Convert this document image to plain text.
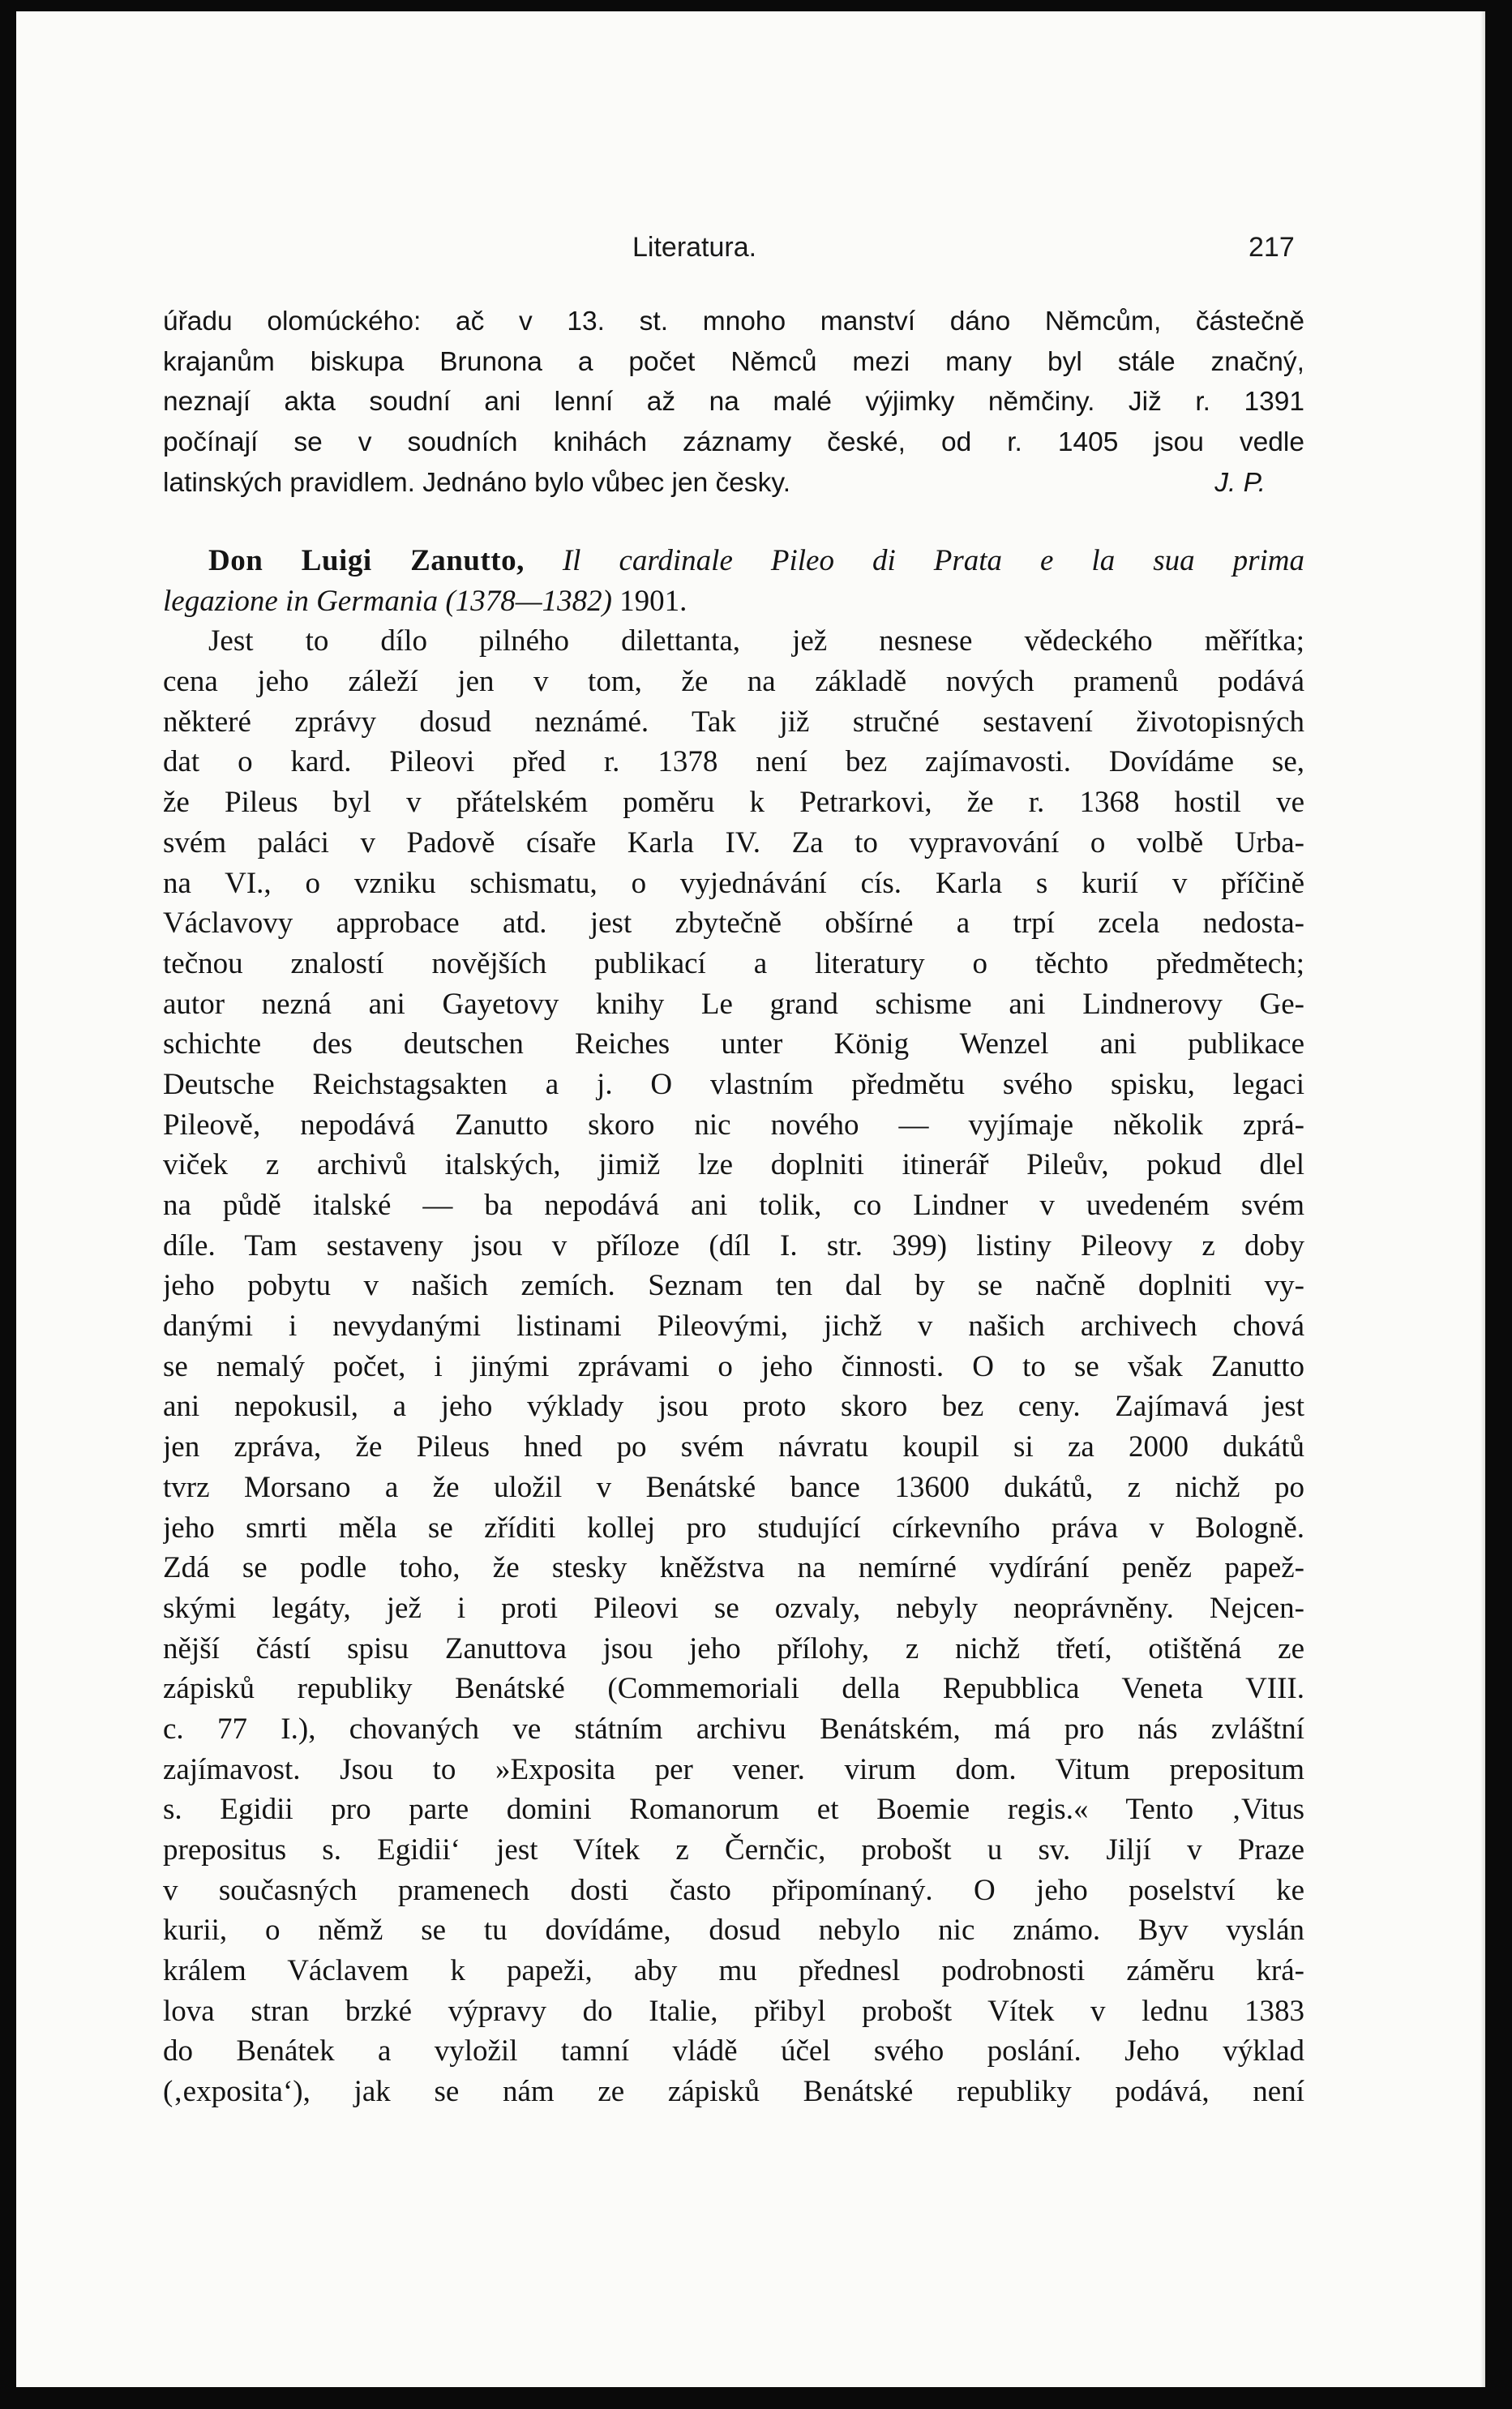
Literatura.	217
úřadu olomúckého: ač v 13. st. mnoho manství dáno Němcům, částečně
krajanům biskupa Brunona a počet Němců mezi many byl stále značný,
neznají akta soudní ani lenní až na malé výjimky němčiny. Již r. 1391
počínají se v soudních knihách záznamy české, od r. 1405 jsou vedle
latinských pravidlem. Jednáno bylo vůbec jen česky.	J. P.
Don Luigi Zanutto, Il cardinale Pileo di Prata e la sua prima
legazione in Germania (1378—1382) 1901.
Jest to dílo pilného dilettanta, jež nesnese vědeckého měřítka;
cena jeho záleží jen v tom, že na základě nových pramenů podává
některé zprávy dosud neznámé. Tak již stručné sestavení životopisných
dat o kard. Pileovi před r. 1378 není bez zajímavosti. Dovídáme se,
že Pileus byl v přátelském poměru k Petrarkovi, že r. 1368 hostil ve
svém paláci v Padově císaře Karla IV. Za to vypravování o volbě Urba-
na VI., o vzniku schismatu, o vyjednávání cís. Karla s kurií v příčině
Václavovy approbace atd. jest zbytečně obšírné a trpí zcela nedosta-
tečnou znalostí novějších publikací a literatury o těchto předmětech;
autor nezná ani Gayetovy knihy Le grand schisme ani Lindnerovy Ge-
schichte des deutschen Reiches unter König Wenzel ani publikace
Deutsche Reichstagsakten a j. O vlastním předmětu svého spisku, legaci
Pileově, nepodává Zanutto skoro nic nového — vyjímaje několik zprá-
viček z archivů italských, jimiž lze doplniti itinerář Pileův, pokud dlel
na půdě italské — ba nepodává ani tolik, co Lindner v uvedeném svém
díle. Tam sestaveny jsou v příloze (díl I. str. 399) listiny Pileovy z doby
jeho pobytu v našich zemích. Seznam ten dal by se načně doplniti vy-
danými i nevydanými listinami Pileovými, jichž v našich archivech chová
se nemalý počet, i jinými zprávami o jeho činnosti. O to se však Zanutto
ani nepokusil, a jeho výklady jsou proto skoro bez ceny. Zajímavá jest
jen zpráva, že Pileus hned po svém návratu koupil si za 2000 dukátů
tvrz Morsano a že uložil v Benátské bance 13600 dukátů, z nichž po
jeho smrti měla se zříditi kollej pro studující církevního práva v Bologně.
Zdá se podle toho, že stesky kněžstva na nemírné vydírání peněz papež-
skými legáty, jež i proti Pileovi se ozvaly, nebyly neoprávněny. Nejcen-
nější částí spisu Zanuttova jsou jeho přílohy, z nichž třetí, otištěná ze
zápisků republiky Benátské (Commemoriali della Repubblica Veneta VIII.
c. 77 I.), chovaných ve státním archivu Benátském, má pro nás zvláštní
zajímavost. Jsou to »Exposita per vener. virum dom. Vitum prepositum
s. Egidii pro parte domini Romanorum et Boemie regis.« Tento ‚Vitus
prepositus s. Egidii‘ jest Vítek z Černčic, probošt u sv. Jiljí v Praze
v současných pramenech dosti často připomínaný. O jeho poselství ke
kurii, o němž se tu dovídáme, dosud nebylo nic známo. Byv vyslán
králem Václavem k papeži, aby mu přednesl podrobnosti záměru krá-
lova stran brzké výpravy do Italie, přibyl probošt Vítek v lednu 1383
do Benátek a vyložil tamní vládě účel svého poslání. Jeho výklad
(‚exposita‘), jak se nám ze zápisků Benátské republiky podává, není
